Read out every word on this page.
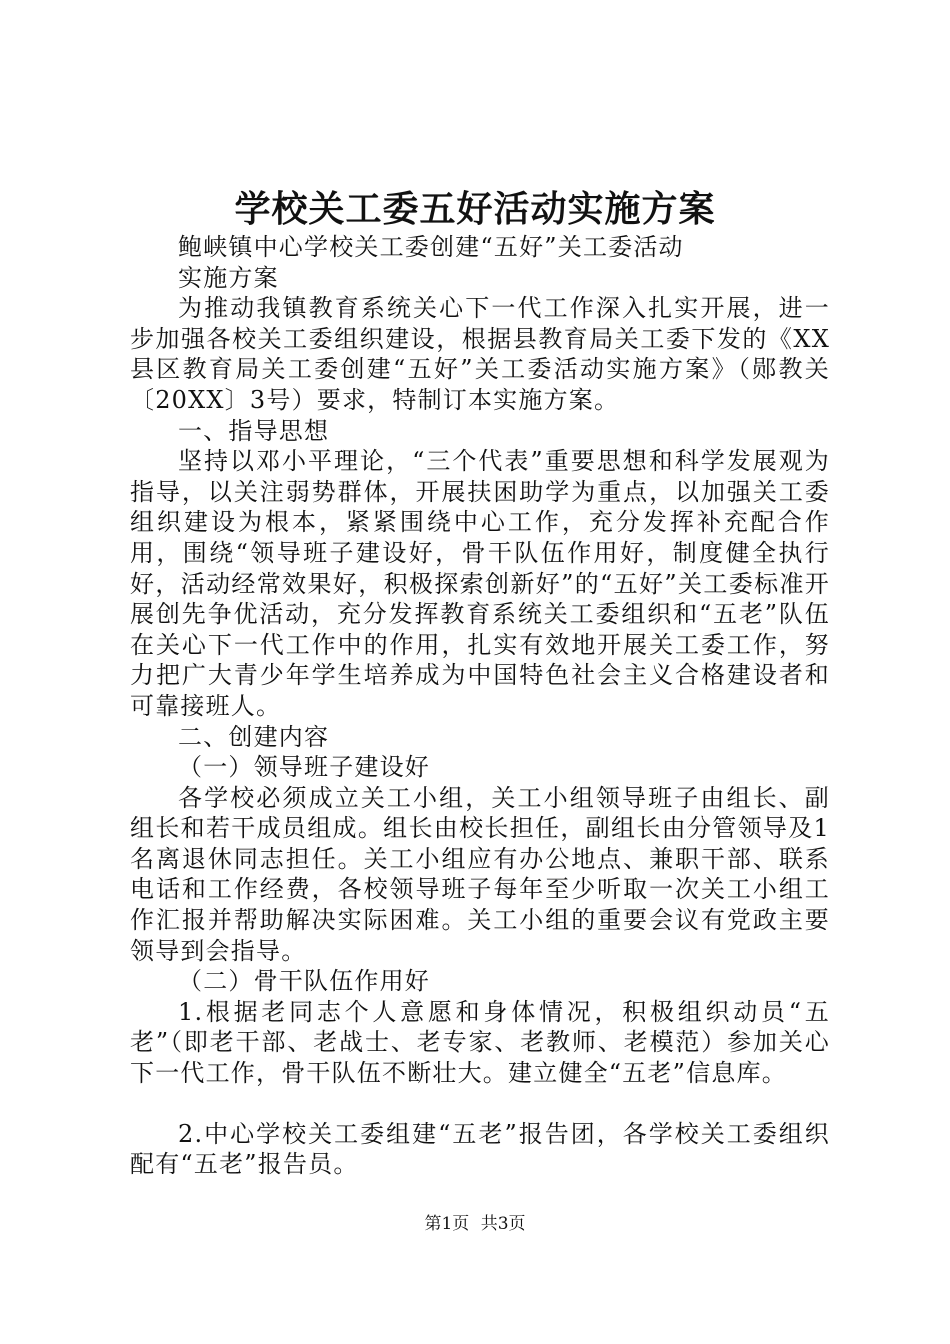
学校关工委五好活动实施方案

鲍峡镇中心学校关工委创建“五好”关工委活动

实施方案

为推动我镇教育系统关心下一代工作深入扎实开展，进一步加强各校关工委组织建设，根据县教育局关工委下发的《XX县区教育局关工委创建“五好”关工委活动实施方案》（郧教关〔20XX〕3号）要求，特制订本实施方案。

一、指导思想

坚持以邓小平理论，“三个代表”重要思想和科学发展观为指导，以关注弱势群体，开展扶困助学为重点，以加强关工委组织建设为根本，紧紧围绕中心工作，充分发挥补充配合作用，围绕“领导班子建设好，骨干队伍作用好，制度健全执行好，活动经常效果好，积极探索创新好”的“五好”关工委标准开展创先争优活动，充分发挥教育系统关工委组织和“五老”队伍在关心下一代工作中的作用，扎实有效地开展关工委工作，努力把广大青少年学生培养成为中国特色社会主义合格建设者和可靠接班人。

二、创建内容

（一）领导班子建设好

各学校必须成立关工小组，关工小组领导班子由组长、副组长和若干成员组成。组长由校长担任，副组长由分管领导及1名离退休同志担任。关工小组应有办公地点、兼职干部、联系电话和工作经费，各校领导班子每年至少听取一次关工小组工作汇报并帮助解决实际困难。关工小组的重要会议有党政主要领导到会指导。

（二）骨干队伍作用好

1.根据老同志个人意愿和身体情况，积极组织动员“五老”（即老干部、老战士、老专家、老教师、老模范）参加关心下一代工作，骨干队伍不断壮大。建立健全“五老”信息库。

2.中心学校关工委组建“五老”报告团，各学校关工委组织配有“五老”报告员。

第1页 共3页
